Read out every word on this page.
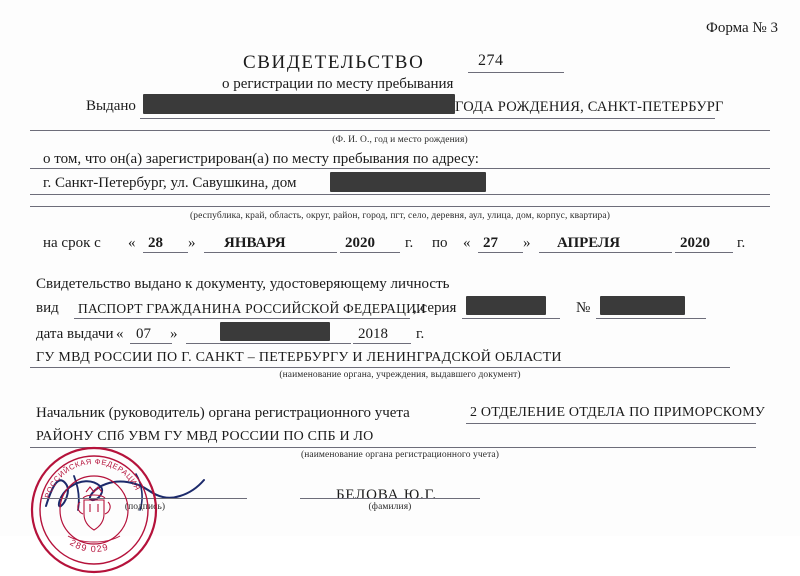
Форма № 3
СВИДЕТЕЛЬСТВО	274
о регистрации по месту пребывания
Выдано	ГОДА РОЖДЕНИЯ, САНКТ-ПЕТЕРБУРГ
(Ф. И. О., год и место рождения)
о том, что он(а) зарегистрирован(а) по месту пребывания по адресу:
г. Санкт-Петербург, ул. Савушкина, дом
(республика, край, область, округ, район, город, пгт, село, деревня, аул, улица, дом, корпус, квартира)
на срок с « 28 » ЯНВАРЯ	2020 г. по « 27 » АПРЕЛЯ	2020 г.
Свидетельство выдано к документу, удостоверяющему личность
вид ПАСПОРТ ГРАЖДАНИНА РОССИЙСКОЙ ФЕДЕРАЦИИ
, серия	№
дата выдачи « 07 »	2018 г.
ГУ МВД РОССИИ ПО Г. САНКТ – ПЕТЕРБУРГУ И ЛЕНИНГРАДСКОЙ ОБЛАСТИ
(наименование органа, учреждения, выдавшего документ)
Начальник (руководитель) органа регистрационного учета	2 ОТДЕЛЕНИЕ ОТДЕЛА ПО ПРИМОРСКОМУ
РАЙОНУ СПб УВМ ГУ МВД РОССИИ ПО СПБ И ЛО
(наименование органа регистрационного учета)
(подпись)
БЕЛОВА Ю.Г.
(фамилия)
РОССИЙСКАЯ ФЕДЕРАЦИЯ
289 029
